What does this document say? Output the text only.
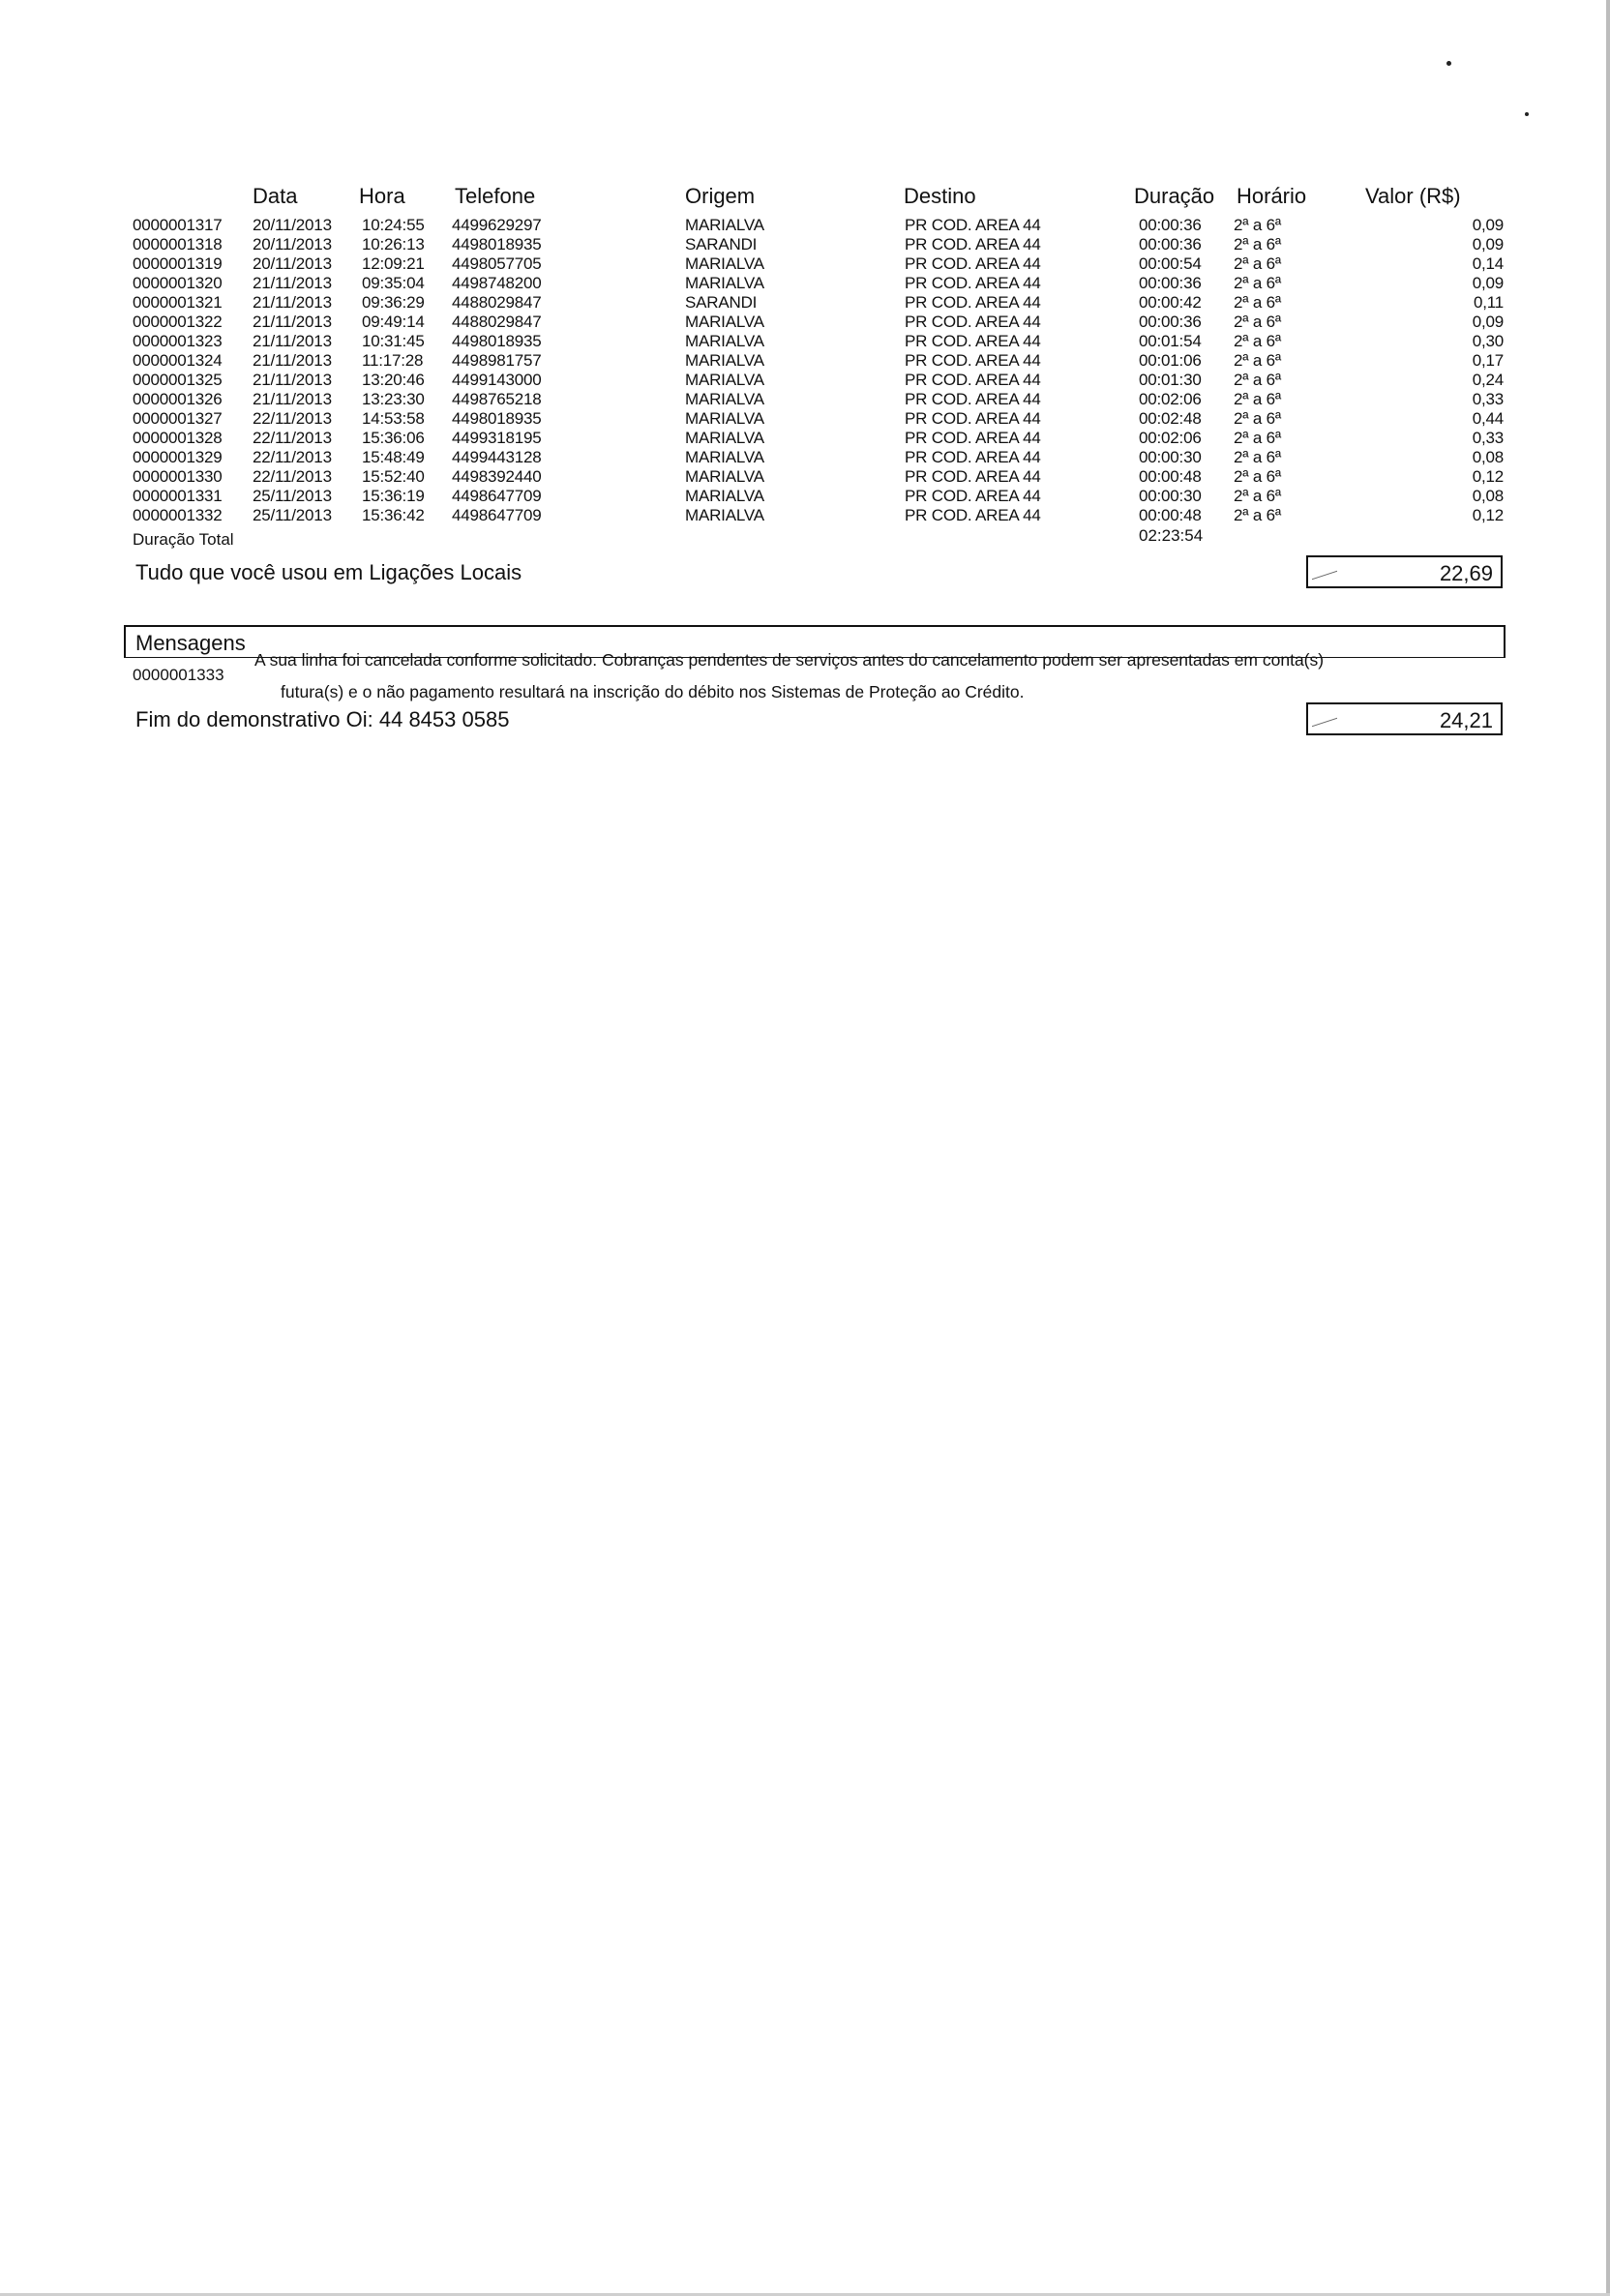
Data	Hora Telefone	Origem	Destino	Duração Horário	Valor (R$)
0000001317 20/11/2013 10:24:55 4499629297	MARIALVA	PR COD. AREA 44	00:00:36 2ª a 6ª	0,09
0000001318 20/11/2013 10:26:13 4498018935	SARANDI	PR COD. AREA 44	00:00:36 2ª a 6ª	0,09
0000001319 20/11/2013 12:09:21 4498057705	MARIALVA	PR COD. AREA 44	00:00:54 2ª a 6ª	0,14
0000001320 21/11/2013 09:35:04 4498748200	MARIALVA	PR COD. AREA 44	00:00:36 2ª a 6ª	0,09
0000001321 21/11/2013 09:36:29 4488029847	SARANDI	PR COD. AREA 44	00:00:42 2ª a 6ª	0,11
0000001322 21/11/2013 09:49:14 4488029847	MARIALVA	PR COD. AREA 44	00:00:36 2ª a 6ª	0,09
0000001323 21/11/2013 10:31:45 4498018935	MARIALVA	PR COD. AREA 44	00:01:54 2ª a 6ª	0,30
0000001324 21/11/2013 11:17:28 4498981757	MARIALVA	PR COD. AREA 44	00:01:06 2ª a 6ª	0,17
0000001325 21/11/2013 13:20:46 4499143000	MARIALVA	PR COD. AREA 44	00:01:30 2ª a 6ª	0,24
0000001326 21/11/2013 13:23:30 4498765218	MARIALVA	PR COD. AREA 44	00:02:06 2ª a 6ª	0,33
0000001327 22/11/2013 14:53:58 4498018935	MARIALVA	PR COD. AREA 44	00:02:48 2ª a 6ª	0,44
0000001328 22/11/2013 15:36:06 4499318195	MARIALVA	PR COD. AREA 44	00:02:06 2ª a 6ª	0,33
0000001329 22/11/2013 15:48:49 4499443128	MARIALVA	PR COD. AREA 44	00:00:30 2ª a 6ª	0,08
0000001330 22/11/2013 15:52:40 4498392440	MARIALVA	PR COD. AREA 44	00:00:48 2ª a 6ª	0,12
0000001331 25/11/2013 15:36:19 4498647709	MARIALVA	PR COD. AREA 44	00:00:30 2ª a 6ª	0,08
0000001332 25/11/2013 15:36:42 4498647709	MARIALVA	PR COD. AREA 44	00:00:48 2ª a 6ª	0,12
Duração Total	02:23:54
Tudo que você usou em Ligações Locais	22,69
Mensagens
0000001333
A sua linha foi cancelada conforme solicitado. Cobranças pendentes de serviços antes do cancelamento podem ser apresentadas em conta(s)
futura(s) e o não pagamento resultará na inscrição do débito nos Sistemas de Proteção ao Crédito.
Fim do demonstrativo Oi: 44 8453 0585	24,21
